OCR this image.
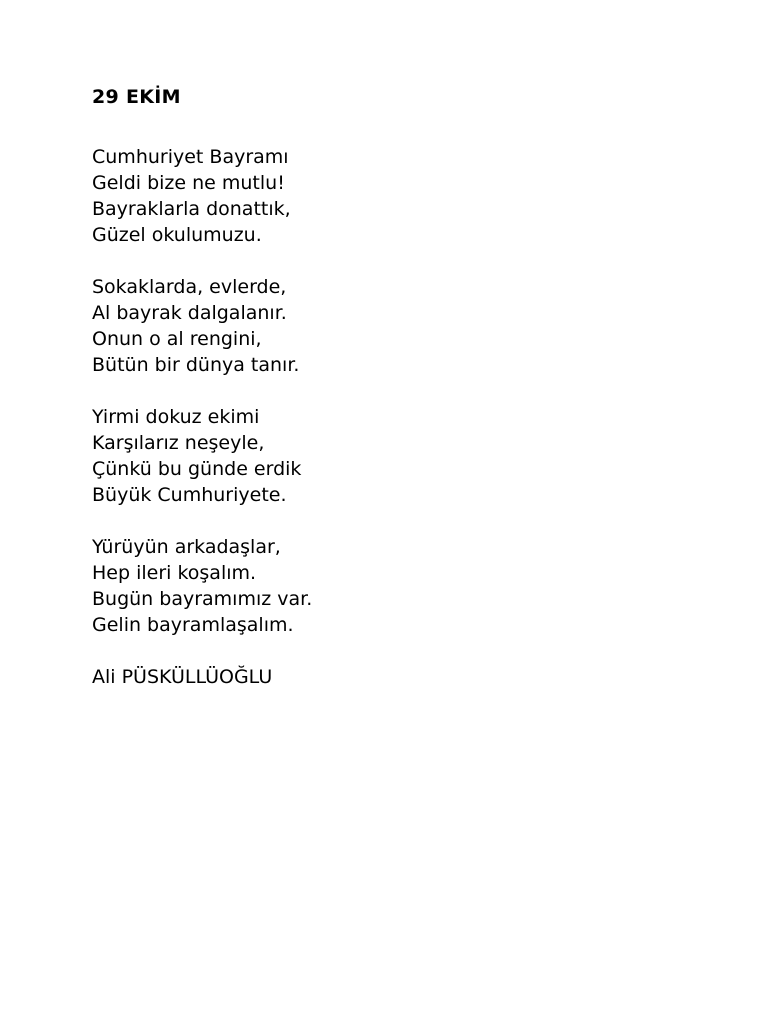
29 EKİM
Cumhuriyet Bayramı
Geldi bize ne mutlu!
Bayraklarla donattık,
Güzel okulumuzu.
Sokaklarda, evlerde,
Al bayrak dalgalanır.
Onun o al rengini,
Bütün bir dünya tanır.
Yirmi dokuz ekimi
Karşılarız neşeyle,
Çünkü bu günde erdik
Büyük Cumhuriyete.
Yürüyün arkadaşlar,
Hep ileri koşalım.
Bugün bayramımız var.
Gelin bayramlaşalım.
Ali PÜSKÜLLÜOĞLU
